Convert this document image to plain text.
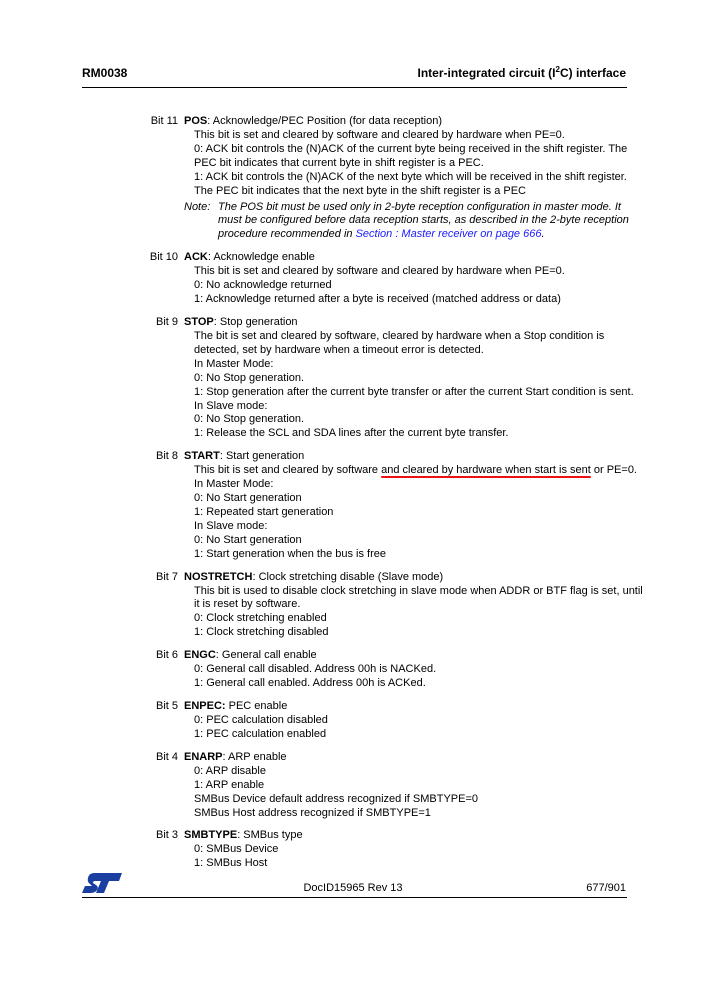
RM0038	Inter-integrated circuit $(I^2C)$ interface
Bit 11 POS: Acknowledge/PEC Position (for data reception)
This bit is set and cleared by software and cleared by hardware when PE=0.
0: ACK bit controls the (N)ACK of the current byte being received in the shift register. The
PEC bit indicates that current byte in shift register is a PEC.
1: ACK bit controls the (N)ACK of the next byte which will be received in the shift register.
The PEC bit indicates that the next byte in the shift register is a PEC
Note: The POS bit must be used only in 2-byte reception configuration in master mode. It
must be configured before data reception starts, as described in the 2-byte reception
procedure recommended in Section : Master receiver on page 666.
Bit 10 ACK: Acknowledge enable
This bit is set and cleared by software and cleared by hardware when PE=0.
0: No acknowledge returned
1: Acknowledge returned after a byte is received (matched address or data)
Bit 9 STOP: Stop generation
The bit is set and cleared by software, cleared by hardware when a Stop condition is
detected, set by hardware when a timeout error is detected.
In Master Mode:
0: No Stop generation.
1: Stop generation after the current byte transfer or after the current Start condition is sent.
In Slave mode:
0: No Stop generation.
1: Release the SCL and SDA lines after the current byte transfer.
Bit 8 START: Start generation
This bit is set and cleared by software and cleared by hardware when start is sent or PE=0.
In Master Mode:
0: No Start generation
1: Repeated start generation
In Slave mode:
0: No Start generation
1: Start generation when the bus is free
Bit 7 NOSTRETCH: Clock stretching disable (Slave mode)
This bit is used to disable clock stretching in slave mode when ADDR or BTF flag is set, until
it is reset by software.
0: Clock stretching enabled
1: Clock stretching disabled
Bit 6 ENGC: General call enable
0: General call disabled. Address 00h is NACKed.
1: General call enabled. Address 00h is ACKed.
Bit 5 ENPEC: PEC enable
0: PEC calculation disabled
1: PEC calculation enabled
Bit 4 ENARP: ARP enable
0: ARP disable
1: ARP enable
SMBus Device default address recognized if SMBTYPE=0
SMBus Host address recognized if SMBTYPE=1
Bit 3 SMBTYPE: SMBus type
0: SMBus Device
1: SMBus Host
DocID15965 Rev 13	677/901
